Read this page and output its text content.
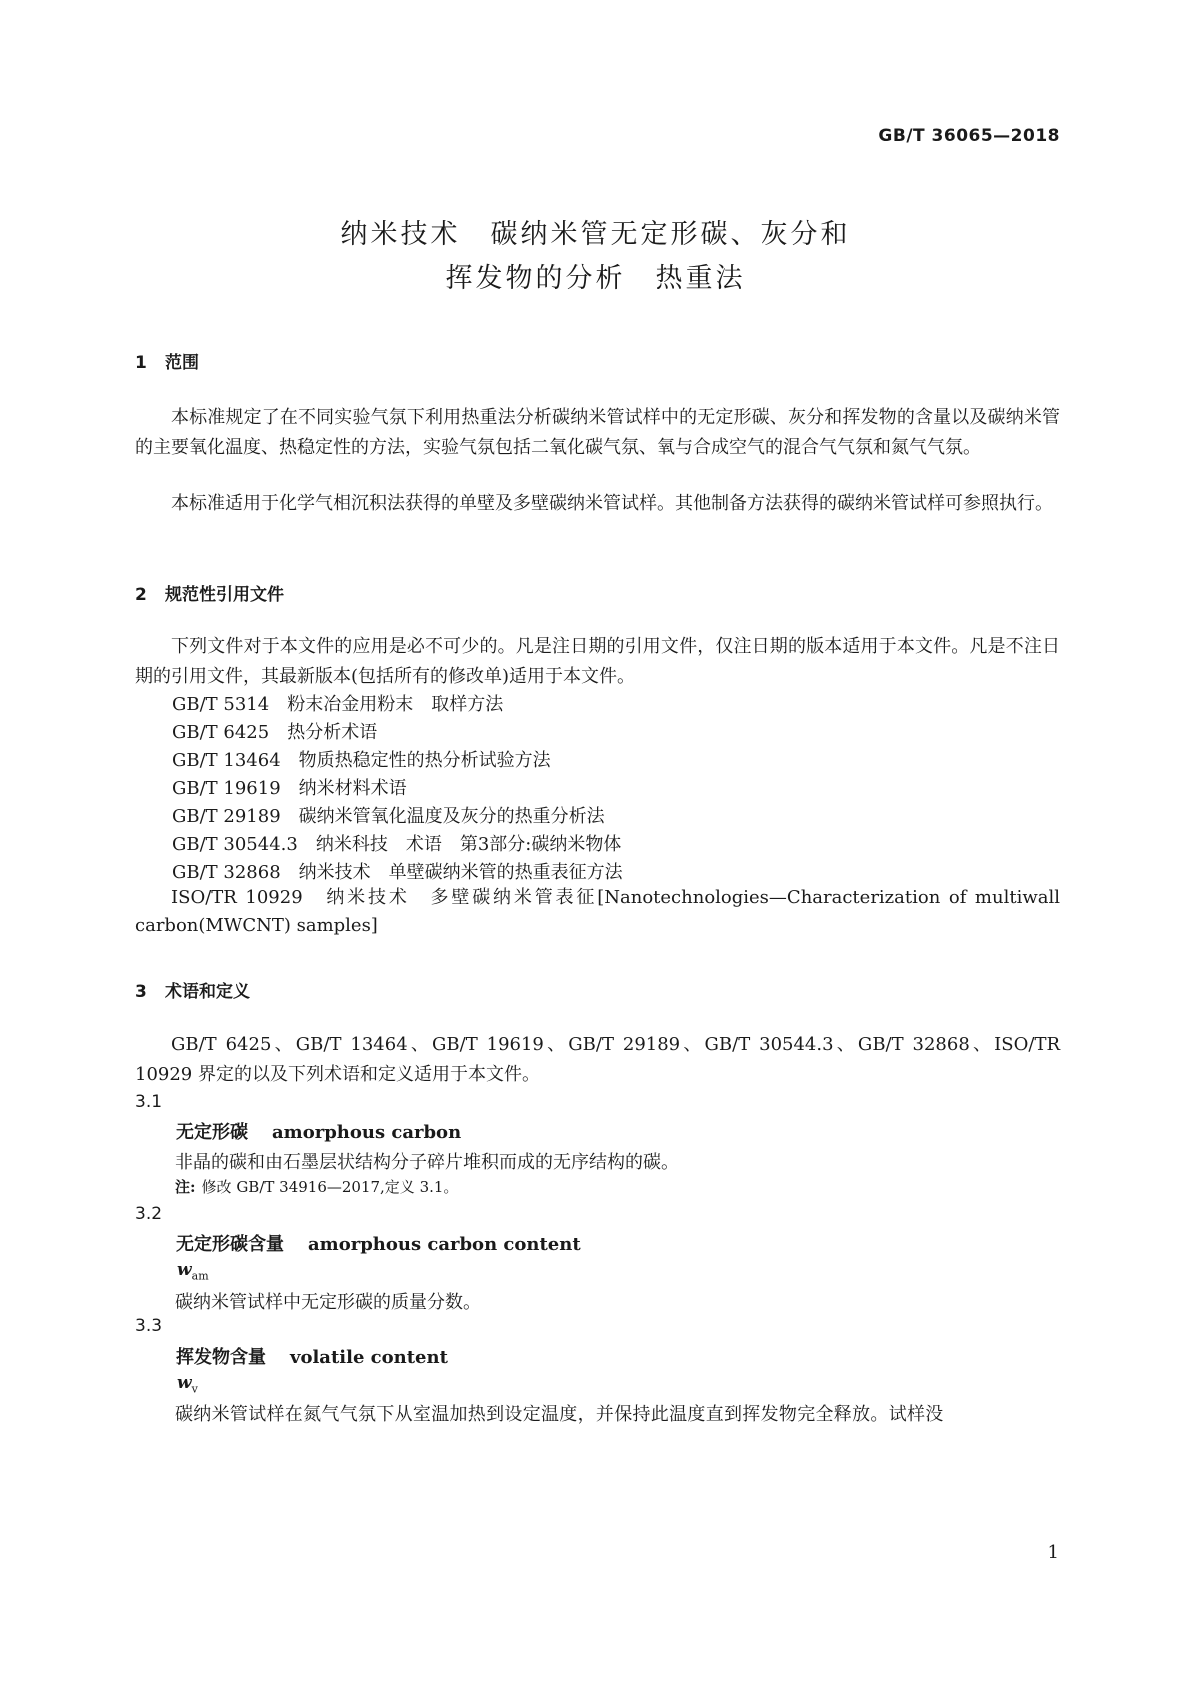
GB/T 36065—2018
纳米技术　碳纳米管无定形碳、灰分和
挥发物的分析　热重法
1 范围
本标准规定了在不同实验气氛下利用热重法分析碳纳米管试样中的无定形碳、灰分和挥发物的含量以及碳纳米管的主要氧化温度、热稳定性的方法，实验气氛包括二氧化碳气氛、氧与合成空气的混合气气氛和氮气气氛。
本标准适用于化学气相沉积法获得的单壁及多壁碳纳米管试样。其他制备方法获得的碳纳米管试样可参照执行。
2 规范性引用文件
下列文件对于本文件的应用是必不可少的。凡是注日期的引用文件，仅注日期的版本适用于本文件。凡是不注日期的引用文件，其最新版本(包括所有的修改单)适用于本文件。
GB/T 5314 粉末冶金用粉末　取样方法
GB/T 6425 热分析术语
GB/T 13464 物质热稳定性的热分析试验方法
GB/T 19619 纳米材料术语
GB/T 29189 碳纳米管氧化温度及灰分的热重分析法
GB/T 30544.3 纳米科技　术语　第3部分:碳纳米物体
GB/T 32868 纳米技术　单壁碳纳米管的热重表征方法
ISO/TR 10929　纳米技术　多壁碳纳米管表征[Nanotechnologies—Characterization of multiwall carbon(MWCNT) samples]
3 术语和定义
GB/T 6425、GB/T 13464、GB/T 19619、GB/T 29189、GB/T 30544.3、GB/T 32868、ISO/TR 10929 界定的以及下列术语和定义适用于本文件。
3.1
无定形碳 amorphous carbon
非晶的碳和由石墨层状结构分子碎片堆积而成的无序结构的碳。
注: 修改 GB/T 34916—2017,定义 3.1。
3.2
无定形碳含量 amorphous carbon content
$w_{am}$
碳纳米管试样中无定形碳的质量分数。
3.3
挥发物含量 volatile content
$w_v$
碳纳米管试样在氮气气氛下从室温加热到设定温度，并保持此温度直到挥发物完全释放。试样没
1
